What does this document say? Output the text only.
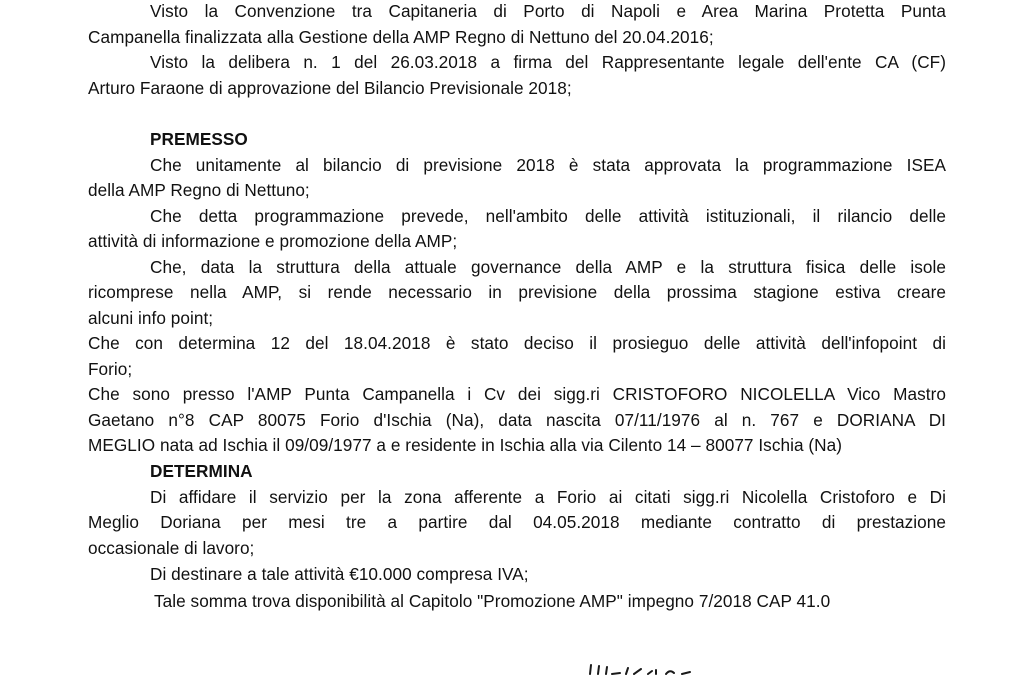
Visto la Convenzione tra Capitaneria di Porto di Napoli e Area Marina Protetta Punta
Campanella finalizzata alla Gestione della AMP Regno di Nettuno del 20.04.2016;
Visto la delibera n. 1 del 26.03.2018 a firma del Rappresentante legale dell'ente CA (CF)
Arturo Faraone di approvazione del Bilancio Previsionale 2018;
PREMESSO
Che unitamente al bilancio di previsione 2018 è stata approvata la programmazione ISEA
della AMP Regno di Nettuno;
Che detta programmazione prevede, nell'ambito delle attività istituzionali, il rilancio delle
attività di informazione e promozione della AMP;
Che, data la struttura della attuale governance della AMP e la struttura fisica delle isole
ricomprese nella AMP, si rende necessario in previsione della prossima stagione estiva creare
alcuni info point;
Che con determina 12 del 18.04.2018 è stato deciso il prosieguo delle attività dell'infopoint di
Forio;
Che sono presso l'AMP Punta Campanella i Cv dei sigg.ri CRISTOFORO NICOLELLA Vico Mastro
Gaetano n°8 CAP 80075 Forio d'Ischia (Na), data nascita 07/11/1976 al n. 767 e DORIANA DI
MEGLIO nata ad Ischia il 09/09/1977 a e residente in Ischia alla via Cilento 14 – 80077 Ischia (Na)
DETERMINA
Di affidare il servizio per la zona afferente a Forio ai citati sigg.ri Nicolella Cristoforo e Di
Meglio Doriana per mesi tre a partire dal 04.05.2018 mediante contratto di prestazione
occasionale di lavoro;
Di destinare a tale attività €10.000 compresa IVA;
Tale somma trova disponibilità al Capitolo "Promozione AMP" impegno 7/2018 CAP 41.0
